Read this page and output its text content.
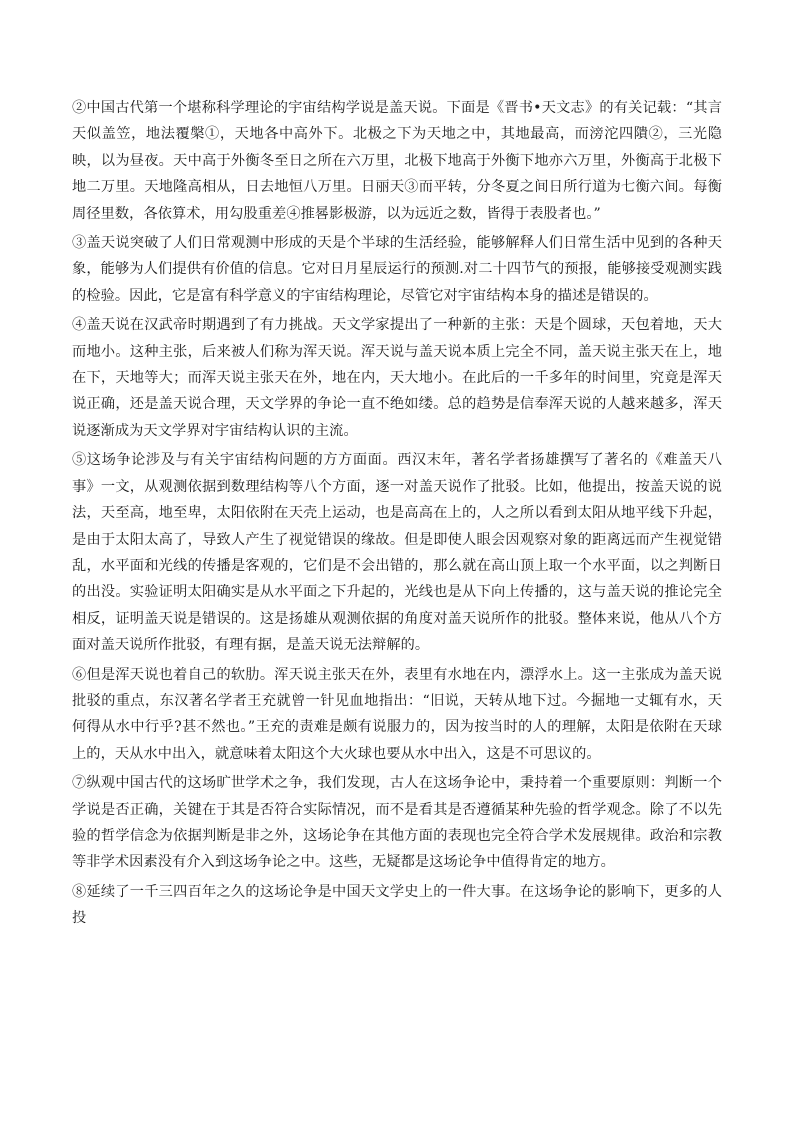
②中国古代第一个堪称科学理论的宇宙结构学说是盖天说。下面是《晋书•天文志》的有关记载：“其言天似盖笠，地法覆槃①，天地各中高外下。北极之下为天地之中，其地最高，而滂沱四隤②，三光隐映，以为昼夜。天中高于外衡冬至日之所在六万里，北极下地高于外衡下地亦六万里，外衡高于北极下地二万里。天地隆高相从，日去地恒八万里。日丽天③而平转，分冬夏之间日所行道为七衡六间。每衡周径里数，各依算术，用勾股重差④推晷影极游，以为远近之数，皆得于表股者也。”

③盖天说突破了人们日常观测中形成的天是个半球的生活经验，能够解释人们日常生活中见到的各种天象，能够为人们提供有价值的信息。它对日月星辰运行的预测.对二十四节气的预报，能够接受观测实践的检验。因此，它是富有科学意义的宇宙结构理论，尽管它对宇宙结构本身的描述是错误的。

④盖天说在汉武帝时期遇到了有力挑战。天文学家提出了一种新的主张：天是个圆球，天包着地，天大而地小。这种主张，后来被人们称为浑天说。浑天说与盖天说本质上完全不同，盖天说主张天在上，地在下，天地等大；而浑天说主张天在外，地在内，天大地小。在此后的一千多年的时间里，究竟是浑天说正确，还是盖天说合理，天文学界的争论一直不绝如缕。总的趋势是信奉浑天说的人越来越多，浑天说逐渐成为天文学界对宇宙结构认识的主流。

⑤这场争论涉及与有关宇宙结构问题的方方面面。西汉末年，著名学者扬雄撰写了著名的《难盖天八事》一文，从观测依据到数理结构等八个方面，逐一对盖天说作了批驳。比如，他提出，按盖天说的说法，天至高，地至卑，太阳依附在天壳上运动，也是高高在上的，人之所以看到太阳从地平线下升起，是由于太阳太高了，导致人产生了视觉错误的缘故。但是即使人眼会因观察对象的距离远而产生视觉错乱，水平面和光线的传播是客观的，它们是不会出错的，那么就在高山顶上取一个水平面，以之判断日的出没。实验证明太阳确实是从水平面之下升起的，光线也是从下向上传播的，这与盖天说的推论完全相反，证明盖天说是错误的。这是扬雄从观测依据的角度对盖天说所作的批驳。整体来说，他从八个方面对盖天说所作批驳，有理有据，是盖天说无法辩解的。

⑥但是浑天说也着自己的软肋。浑天说主张天在外，表里有水地在内，漂浮水上。这一主张成为盖天说批驳的重点，东汉著名学者王充就曾一针见血地指出：“旧说，天转从地下过。今掘地一丈辄有水，天何得从水中行乎?甚不然也。”王充的责难是颇有说服力的，因为按当时的人的理解，太阳是依附在天球上的，天从水中出入，就意味着太阳这个大火球也要从水中出入，这是不可思议的。

⑦纵观中国古代的这场旷世学术之争，我们发现，古人在这场争论中，秉持着一个重要原则：判断一个学说是否正确，关键在于其是否符合实际情况，而不是看其是否遵循某种先验的哲学观念。除了不以先验的哲学信念为依据判断是非之外，这场论争在其他方面的表现也完全符合学术发展规律。政治和宗教等非学术因素没有介入到这场争论之中。这些，无疑都是这场论争中值得肯定的地方。

⑧延续了一千三四百年之久的这场论争是中国天文学史上的一件大事。在这场争论的影响下，更多的人投
